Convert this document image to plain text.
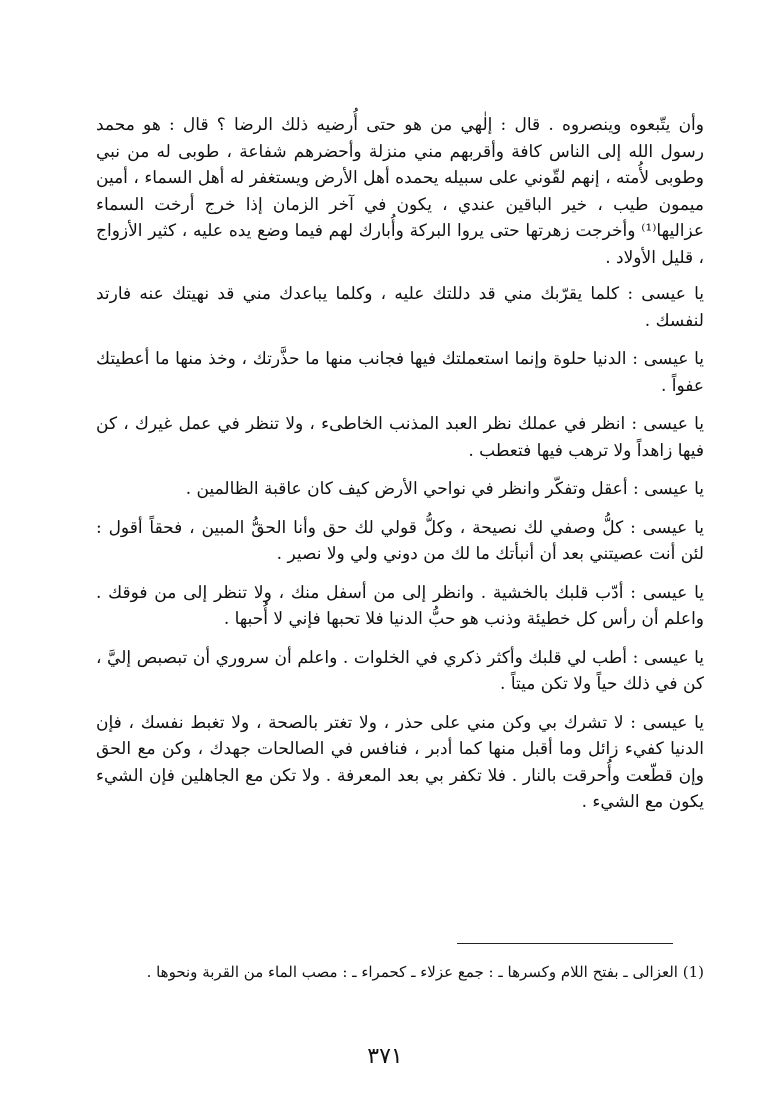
وأن يتّبعوه وينصروه . قال : إلٰهي من هو حتى أُرضيه ذلك الرضا ؟ قال : هو محمد رسول الله إلى الناس كافة وأقربهم مني منزلة وأحضرهم شفاعة ، طوبى له من نبي وطوبى لأُمته ، إنهم لقّوني على سبيله يحمده أهل الأرض ويستغفر له أهل السماء ، أمين ميمون طيب ، خير الباقين عندي ، يكون في آخر الزمان إذا خرج أرخت السماء عزاليها⁽¹⁾ وأخرجت زهرتها حتى يروا البركة وأُبارك لهم فيما وضع يده عليه ، كثير الأزواج ، قليل الأولاد .

يا عيسى : كلما يقرّبك مني قد دللتك عليه ، وكلما يباعدك مني قد نهيتك عنه فارتد لنفسك .

يا عيسى : الدنيا حلوة وإنما استعملتك فيها فجانب منها ما حذَّرتك ، وخذ منها ما أعطيتك عفواً .

يا عيسى : انظر في عملك نظر العبد المذنب الخاطىء ، ولا تنظر في عمل غيرك ، كن فيها زاهداً ولا ترهب فيها فتعطب .

يا عيسى : أعقل وتفكّر وانظر في نواحي الأرض كيف كان عاقبة الظالمين .

يا عيسى : كلُّ وصفي لك نصيحة ، وكلُّ قولي لك حق وأنا الحقُّ المبين ، فحقاً أقول : لئن أنت عصيتني بعد أن أنبأتك ما لك من دوني ولي ولا نصير .

يا عيسى : أدّب قلبك بالخشية . وانظر إلى من أسفل منك ، ولا تنظر إلى من فوقك . واعلم أن رأس كل خطيئة وذنب هو حبُّ الدنيا فلا تحبها فإني لا أُحبها .

يا عيسى : أطب لي قلبك وأكثر ذكري في الخلوات . واعلم أن سروري أن تبصبص إليَّ ، كن في ذلك حياً ولا تكن ميتاً .

يا عيسى : لا تشرك بي وكن مني على حذر ، ولا تغتر بالصحة ، ولا تغبط نفسك ، فإن الدنيا كفيء زائل وما أقبل منها كما أدبر ، فنافس في الصالحات جهدك ، وكن مع الحق وإن قطّعت وأُحرقت بالنار . فلا تكفر بي بعد المعرفة . ولا تكن مع الجاهلين فإن الشيء يكون مع الشيء .

(1) العزالى ـ بفتح اللام وكسرها ـ : جمع عزلاء ـ كحمراء ـ : مصب الماء من القربة ونحوها .
٣٧١
